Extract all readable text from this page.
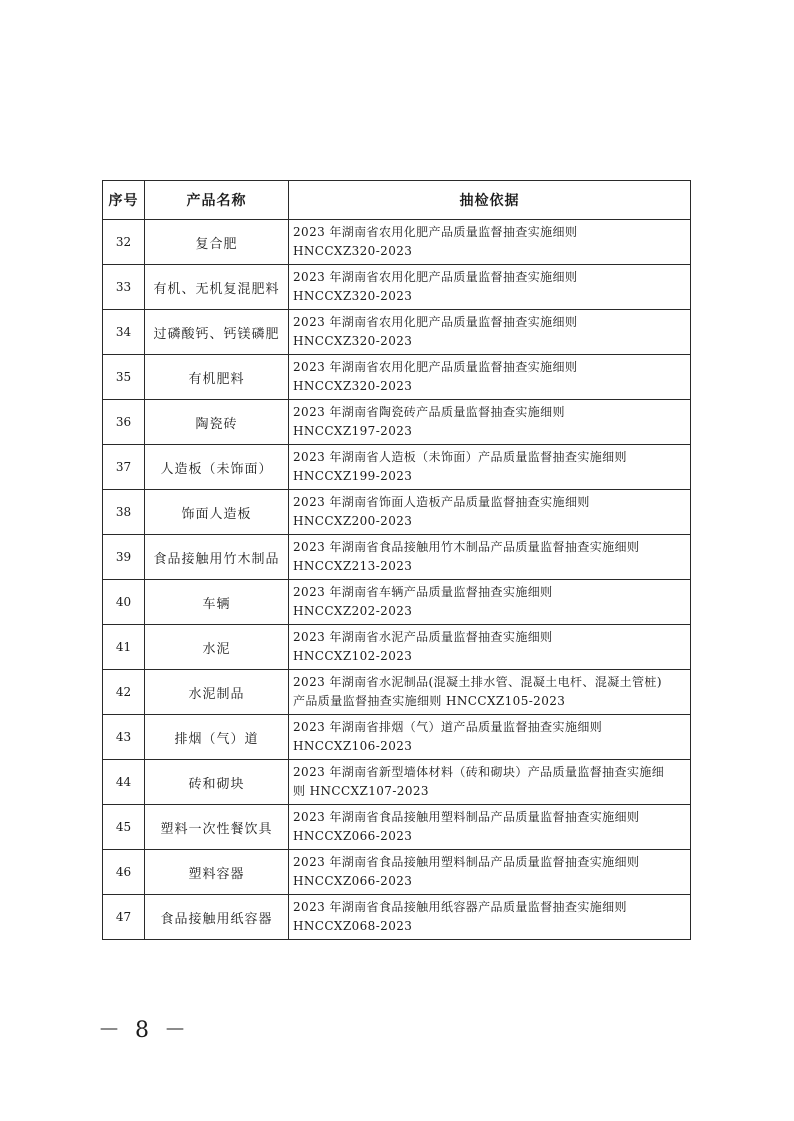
序号	产品名称	抽检依据
32	复合肥	2023 年湖南省农用化肥产品质量监督抽查实施细则
HNCCXZ320-2023

33	有机、无机复混肥料	2023 年湖南省农用化肥产品质量监督抽查实施细则
HNCCXZ320-2023

34	过磷酸钙、钙镁磷肥	2023 年湖南省农用化肥产品质量监督抽查实施细则
HNCCXZ320-2023

35	有机肥料	2023 年湖南省农用化肥产品质量监督抽查实施细则
HNCCXZ320-2023

36	陶瓷砖	2023 年湖南省陶瓷砖产品质量监督抽查实施细则
HNCCXZ197-2023

37	人造板（未饰面）	2023 年湖南省人造板（未饰面）产品质量监督抽查实施细则
HNCCXZ199-2023

38	饰面人造板	2023 年湖南省饰面人造板产品质量监督抽查实施细则
HNCCXZ200-2023

39	食品接触用竹木制品	2023 年湖南省食品接触用竹木制品产品质量监督抽查实施细则
HNCCXZ213-2023

40	车辆	2023 年湖南省车辆产品质量监督抽查实施细则
HNCCXZ202-2023

41	水泥	2023 年湖南省水泥产品质量监督抽查实施细则
HNCCXZ102-2023

42	水泥制品	2023 年湖南省水泥制品(混凝土排水管、混凝土电杆、混凝土管桩)
产品质量监督抽查实施细则 HNCCXZ105-2023

43	排烟（气）道	2023 年湖南省排烟（气）道产品质量监督抽查实施细则
HNCCXZ106-2023

44	砖和砌块	2023 年湖南省新型墙体材料（砖和砌块）产品质量监督抽查实施细
则 HNCCXZ107-2023

45	塑料一次性餐饮具	2023 年湖南省食品接触用塑料制品产品质量监督抽查实施细则
HNCCXZ066-2023

46	塑料容器	2023 年湖南省食品接触用塑料制品产品质量监督抽查实施细则
HNCCXZ066-2023

47	食品接触用纸容器	2023 年湖南省食品接触用纸容器产品质量监督抽查实施细则
HNCCXZ068-2023
－ 8 －
